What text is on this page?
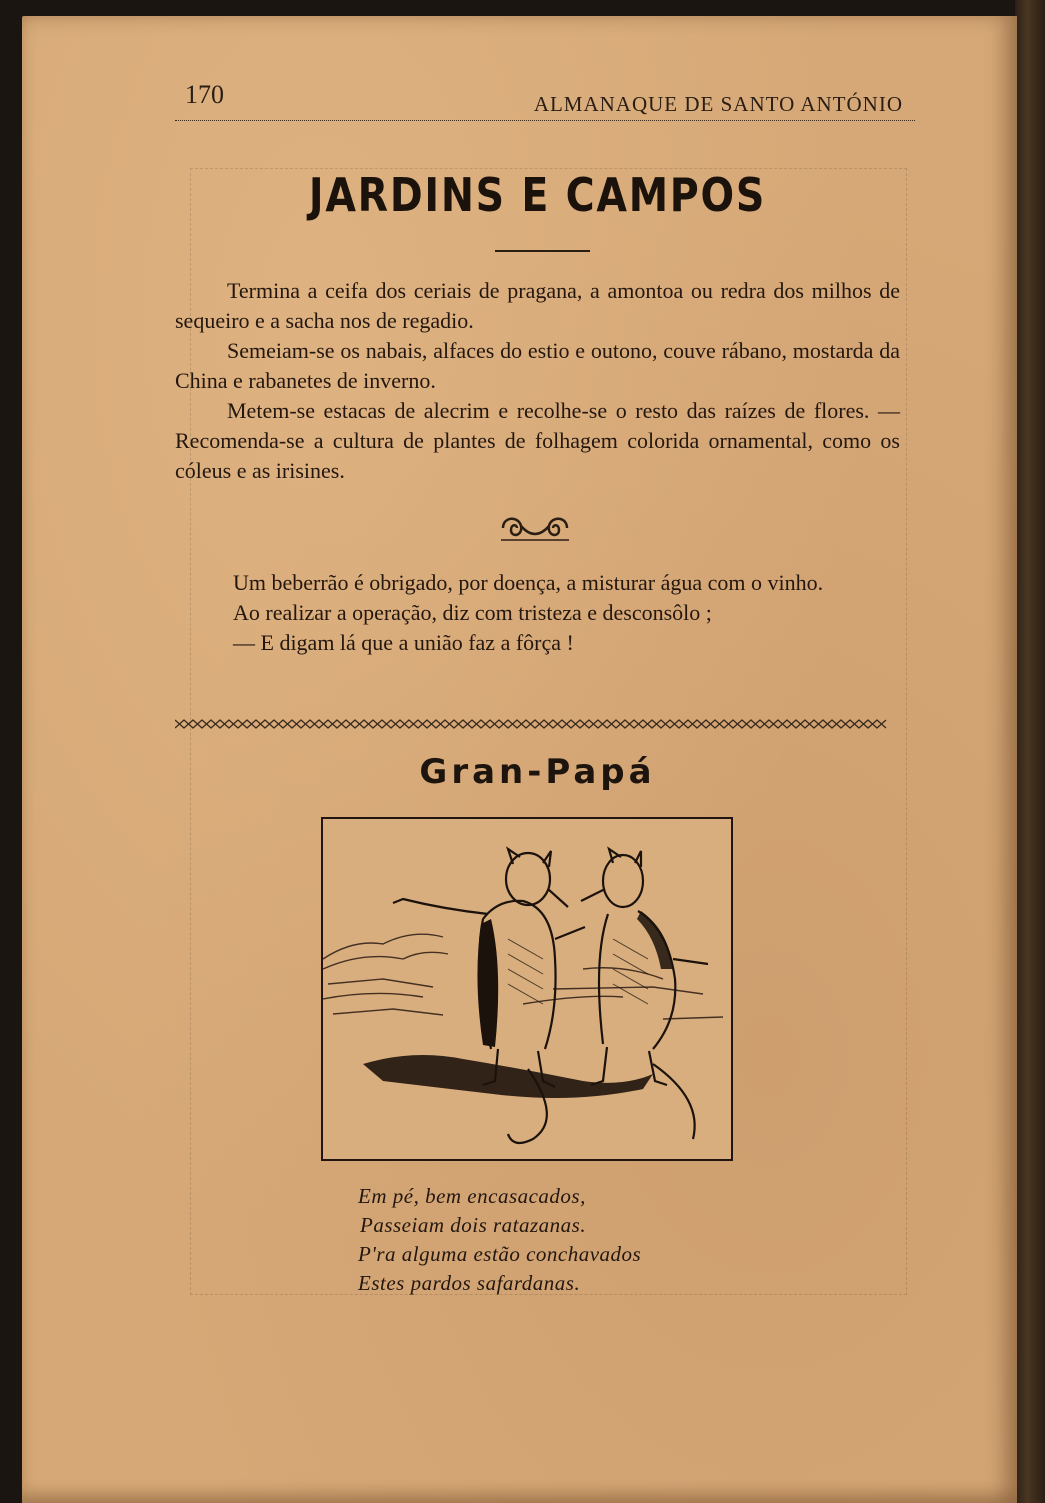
170	ALMANAQUE DE SANTO ANTÓNIO
JARDINS E CAMPOS

Termina a ceifa dos ceriais de pragana, a amontoa ou redra dos milhos de sequeiro e a sacha nos de regadio.

Semeiam-se os nabais, alfaces do estio e outono, couve rábano, mostarda da China e rabanetes de inverno.

Metem-se estacas de alecrim e recolhe-se o resto das raízes de flores. —Recomenda-se a cultura de plantes de folhagem colorida ornamental, como os cóleus e as irisines.

Um beberrão é obrigado, por doença, a misturar água com o vinho.

Ao realizar a operação, diz com tristeza e desconsôlo ;

— E digam lá que a união faz a fôrça !

Gran-Papá
Em pé, bem encasacados,
Passeiam dois ratazanas.
P'ra alguma estão conchavados
Estes pardos safardanas.
